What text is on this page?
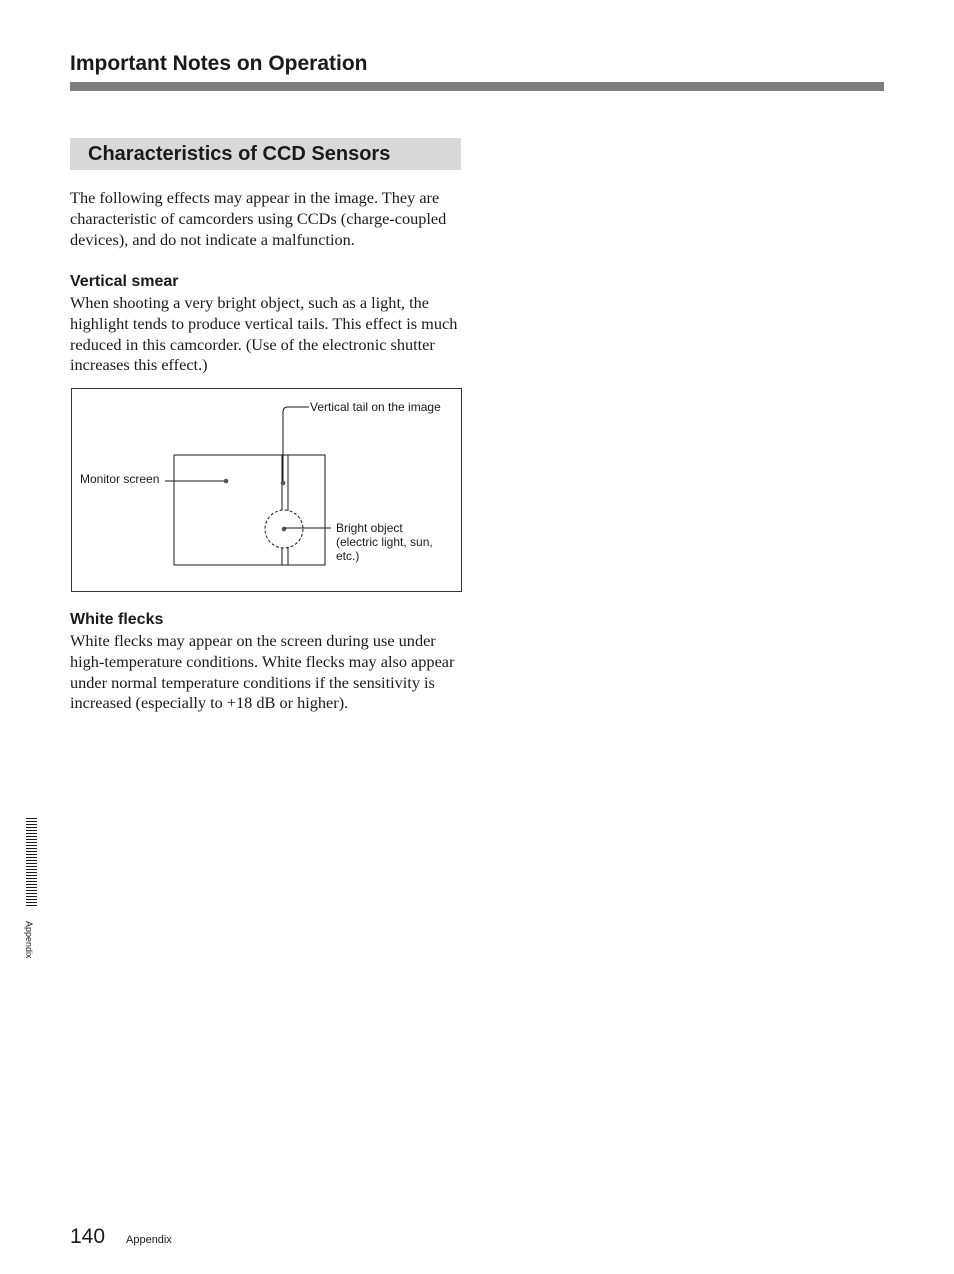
Important Notes on Operation
Characteristics of CCD Sensors

The following effects may appear in the image. They are characteristic of camcorders using CCDs (charge-coupled devices), and do not indicate a malfunction.

Vertical smear

When shooting a very bright object, such as a light, the highlight tends to produce vertical tails. This effect is much reduced in this camcorder. (Use of the electronic shutter increases this effect.)

Vertical tail on the image
Monitor screen
Bright object
(electric light, sun,
etc.)
White flecks

White flecks may appear on the screen during use under high-temperature conditions. White flecks may also appear under normal temperature conditions if the sensitivity is increased (especially to +18 dB or higher).

Appendix

140 Appendix
